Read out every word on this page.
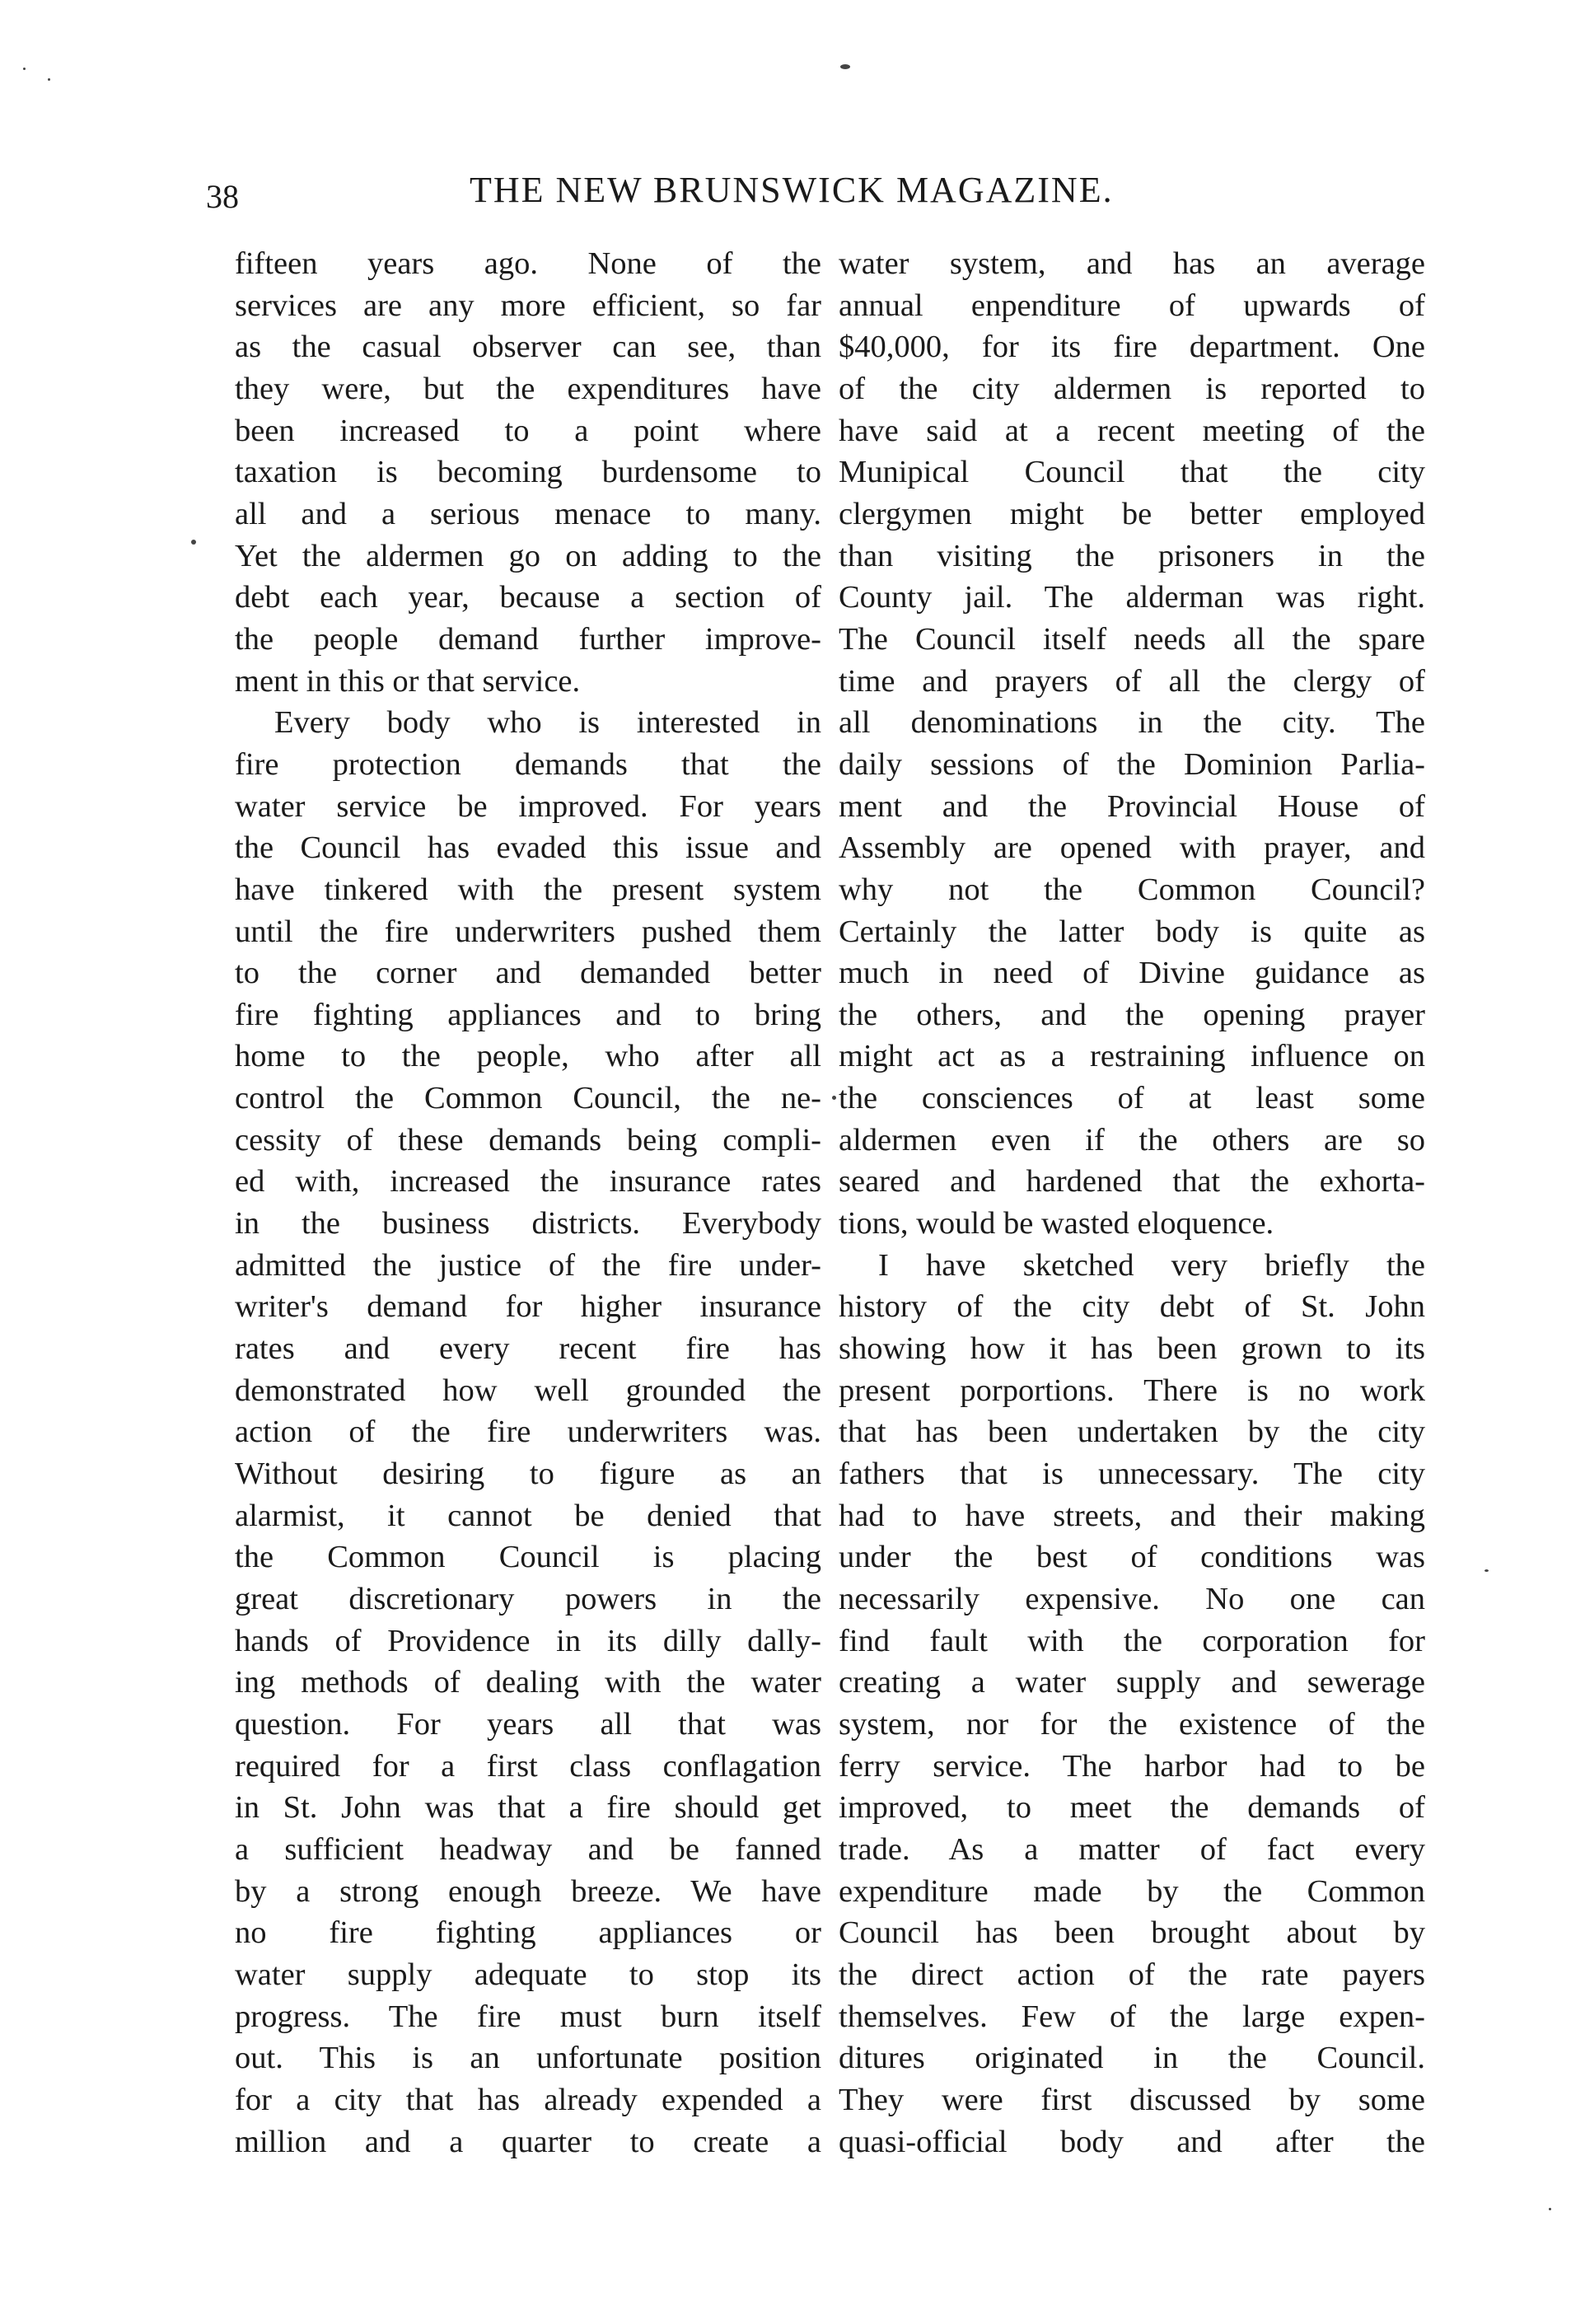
38	THE NEW BRUNSWICK MAGAZINE.
fifteen years ago. None of the
services are any more efficient, so far
as the casual observer can see, than
they were, but the expenditures have
been increased to a point where
taxation is becoming burdensome to
all and a serious menace to many.
Yet the aldermen go on adding to the
debt each year, because a section of
the people demand further improve-
ment in this or that service.
Every body who is interested in
fire protection demands that the
water service be improved. For years
the Council has evaded this issue and
have tinkered with the present system
until the fire underwriters pushed them
to the corner and demanded better
fire fighting appliances and to bring
home to the people, who after all
control the Common Council, the ne-
cessity of these demands being compli-
ed with, increased the insurance rates
in the business districts. Everybody
admitted the justice of the fire under-
writer's demand for higher insurance
rates and every recent fire has
demonstrated how well grounded the
action of the fire underwriters was.
Without desiring to figure as an
alarmist, it cannot be denied that
the Common Council is placing
great discretionary powers in the
hands of Providence in its dilly dally-
ing methods of dealing with the water
question. For years all that was
required for a first class conflagation
in St. John was that a fire should get
a sufficient headway and be fanned
by a strong enough breeze. We have
no fire fighting appliances or
water supply adequate to stop its
progress. The fire must burn itself
out. This is an unfortunate position
for a city that has already expended a
million and a quarter to create a
water system, and has an average
annual enpenditure of upwards of
$40,000, for its fire department. One
of the city aldermen is reported to
have said at a recent meeting of the
Munipical Council that the city
clergymen might be better employed
than visiting the prisoners in the
County jail. The alderman was right.
The Council itself needs all the spare
time and prayers of all the clergy of
all denominations in the city. The
daily sessions of the Dominion Parlia-
ment and the Provincial House of
Assembly are opened with prayer, and
why not the Common Council?
Certainly the latter body is quite as
much in need of Divine guidance as
the others, and the opening prayer
might act as a restraining influence on
the consciences of at least some
aldermen even if the others are so
seared and hardened that the exhorta-
tions, would be wasted eloquence.
I have sketched very briefly the
history of the city debt of St. John
showing how it has been grown to its
present porportions. There is no work
that has been undertaken by the city
fathers that is unnecessary. The city
had to have streets, and their making
under the best of conditions was
necessarily expensive. No one can
find fault with the corporation for
creating a water supply and sewerage
system, nor for the existence of the
ferry service. The harbor had to be
improved, to meet the demands of
trade. As a matter of fact every
expenditure made by the Common
Council has been brought about by
the direct action of the rate payers
themselves. Few of the large expen-
ditures originated in the Council.
They were first discussed by some
quasi-official body and after the
